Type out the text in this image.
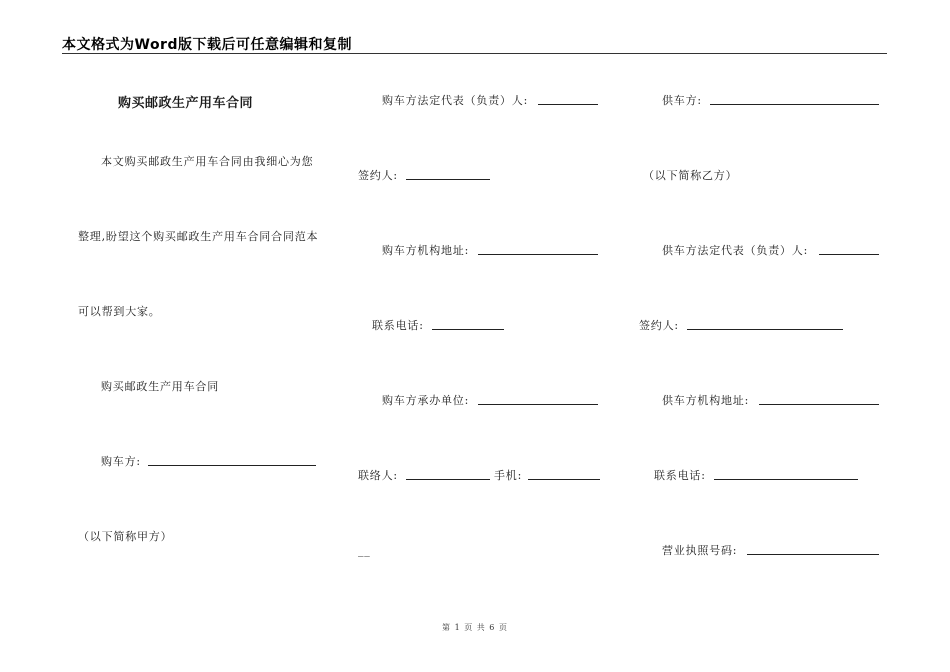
本文格式为Word版下载后可任意编辑和复制
购买邮政生产用车合同
本文购买邮政生产用车合同由我细心为您
整理,盼望这个购买邮政生产用车合同合同范本
可以帮到大家。
购买邮政生产用车合同
购车方:
（以下简称甲方）
购车方法定代表（负责）人:
签约人:
购车方机构地址:
联系电话:
购车方承办单位:
联络人:	手机:
__
供车方:
（以下简称乙方）
供车方法定代表（负责）人:
签约人:
供车方机构地址:
联系电话:
营业执照号码:
第 1 页 共 6 页
